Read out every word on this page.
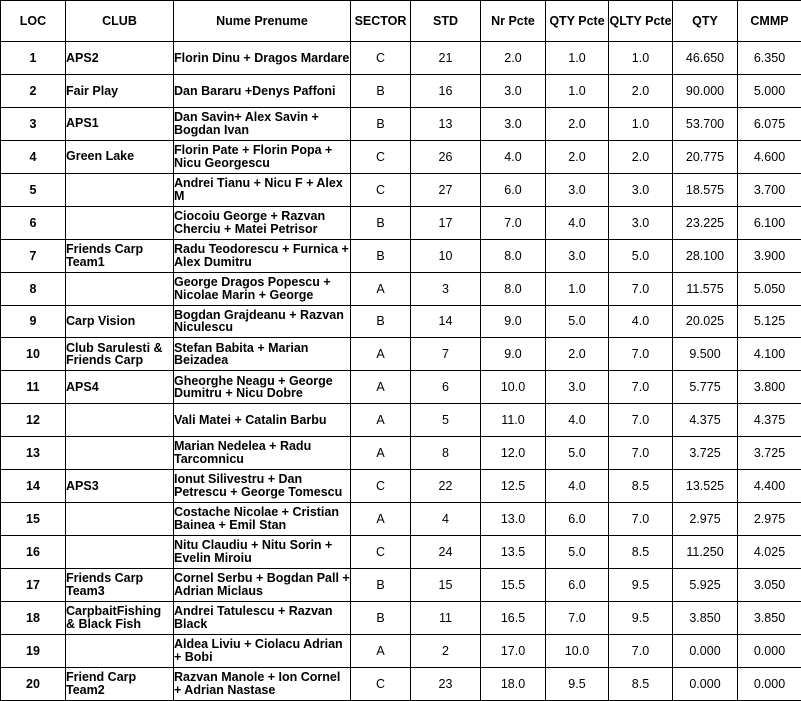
LOC	CLUB	Nume Prenume	SECTOR	STD	Nr Pcte	QTY Pcte	QLTY Pcte	QTY	CMMP

1	APS2	Florin Dinu + Dragos Mardare	C	21	2.0	1.0	1.0	46.650	6.350

2	Fair Play	Dan Bararu +Denys Paffoni	B	16	3.0	1.0	2.0	90.000	5.000

3	APS1	Dan Savin+ Alex Savin + Bogdan Ivan	B	13	3.0	2.0	1.0	53.700	6.075

4	Green Lake	Florin Pate + Florin Popa + Nicu Georgescu	C	26	4.0	2.0	2.0	20.775	4.600

5		Andrei Tianu + Nicu F + Alex M	C	27	6.0	3.0	3.0	18.575	3.700

6		Ciocoiu George + Razvan Cherciu + Matei Petrisor	B	17	7.0	4.0	3.0	23.225	6.100

7	Friends Carp Team1	Radu Teodorescu + Furnica + Alex Dumitru	B	10	8.0	3.0	5.0	28.100	3.900

8		George Dragos Popescu + Nicolae Marin + George	A	3	8.0	1.0	7.0	11.575	5.050

9	Carp Vision	Bogdan Grajdeanu + Razvan Niculescu	B	14	9.0	5.0	4.0	20.025	5.125

10	Club Sarulesti & Friends Carp	Stefan Babita + Marian Beizadea	A	7	9.0	2.0	7.0	9.500	4.100

11	APS4	Gheorghe Neagu + George Dumitru + Nicu Dobre	A	6	10.0	3.0	7.0	5.775	3.800

12		Vali Matei + Catalin Barbu	A	5	11.0	4.0	7.0	4.375	4.375

13		Marian Nedelea + Radu Tarcomnicu	A	8	12.0	5.0	7.0	3.725	3.725

14	APS3	Ionut Silivestru + Dan Petrescu + George Tomescu	C	22	12.5	4.0	8.5	13.525	4.400

15		Costache Nicolae + Cristian Bainea + Emil Stan	A	4	13.0	6.0	7.0	2.975	2.975

16		Nitu Claudiu + Nitu Sorin + Evelin Miroiu	C	24	13.5	5.0	8.5	11.250	4.025

17	Friends Carp Team3	Cornel Serbu + Bogdan Pall + Adrian Miclaus	B	15	15.5	6.0	9.5	5.925	3.050

18	CarpbaitFishing & Black Fish	Andrei Tatulescu + Razvan Black	B	11	16.5	7.0	9.5	3.850	3.850

19		Aldea Liviu + Ciolacu Adrian + Bobi	A	2	17.0	10.0	7.0	0.000	0.000

20	Friend Carp Team2	Razvan Manole + Ion Cornel + Adrian Nastase	C	23	18.0	9.5	8.5	0.000	0.000
